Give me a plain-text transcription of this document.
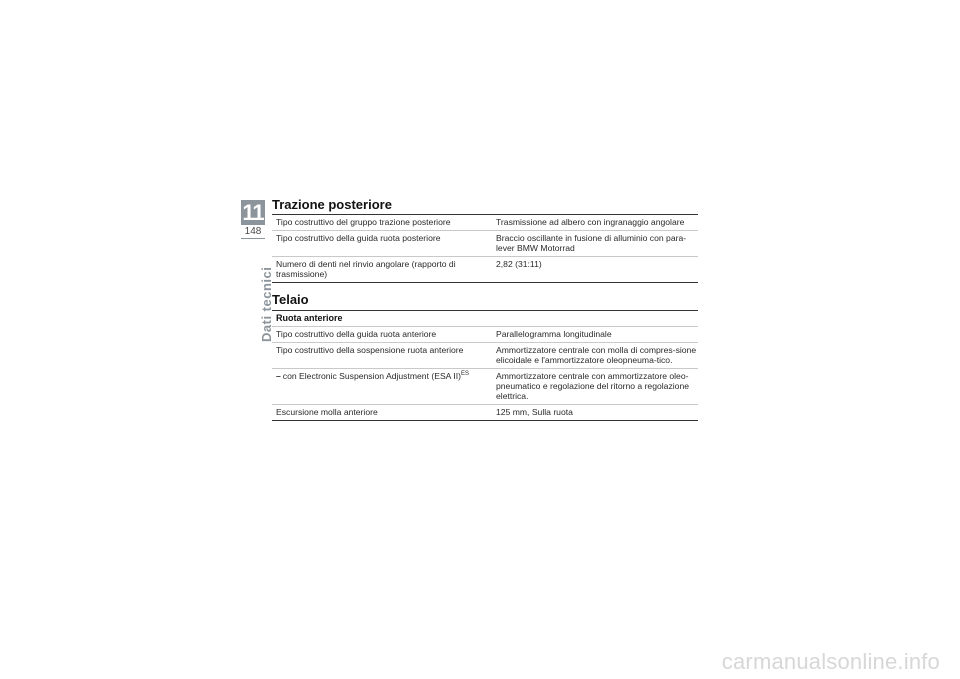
11
148
Dati tecnici
Trazione posteriore
Tipo costruttivo del gruppo trazione posteriore	Trasmissione ad albero con ingranaggio angolare
Tipo costruttivo della guida ruota posteriore	Braccio oscillante in fusione di alluminio con para-lever BMW Motorrad
Numero di denti nel rinvio angolare (rapporto di trasmissione)	2,82 (31:11)
Telaio
Ruota anteriore	
Tipo costruttivo della guida ruota anteriore	Parallelogramma longitudinale
Tipo costruttivo della sospensione ruota anteriore	Ammortizzatore centrale con molla di compres-sione elicoidale e l'ammortizzatore oleopneuma-tico.
– con Electronic Suspension Adjustment (ESA II)$^{ES}$	Ammortizzatore centrale con ammortizzatore oleo-pneumatico e regolazione del ritorno a regolazione elettrica.
Escursione molla anteriore	125 mm, Sulla ruota
carmanualsonline.info
